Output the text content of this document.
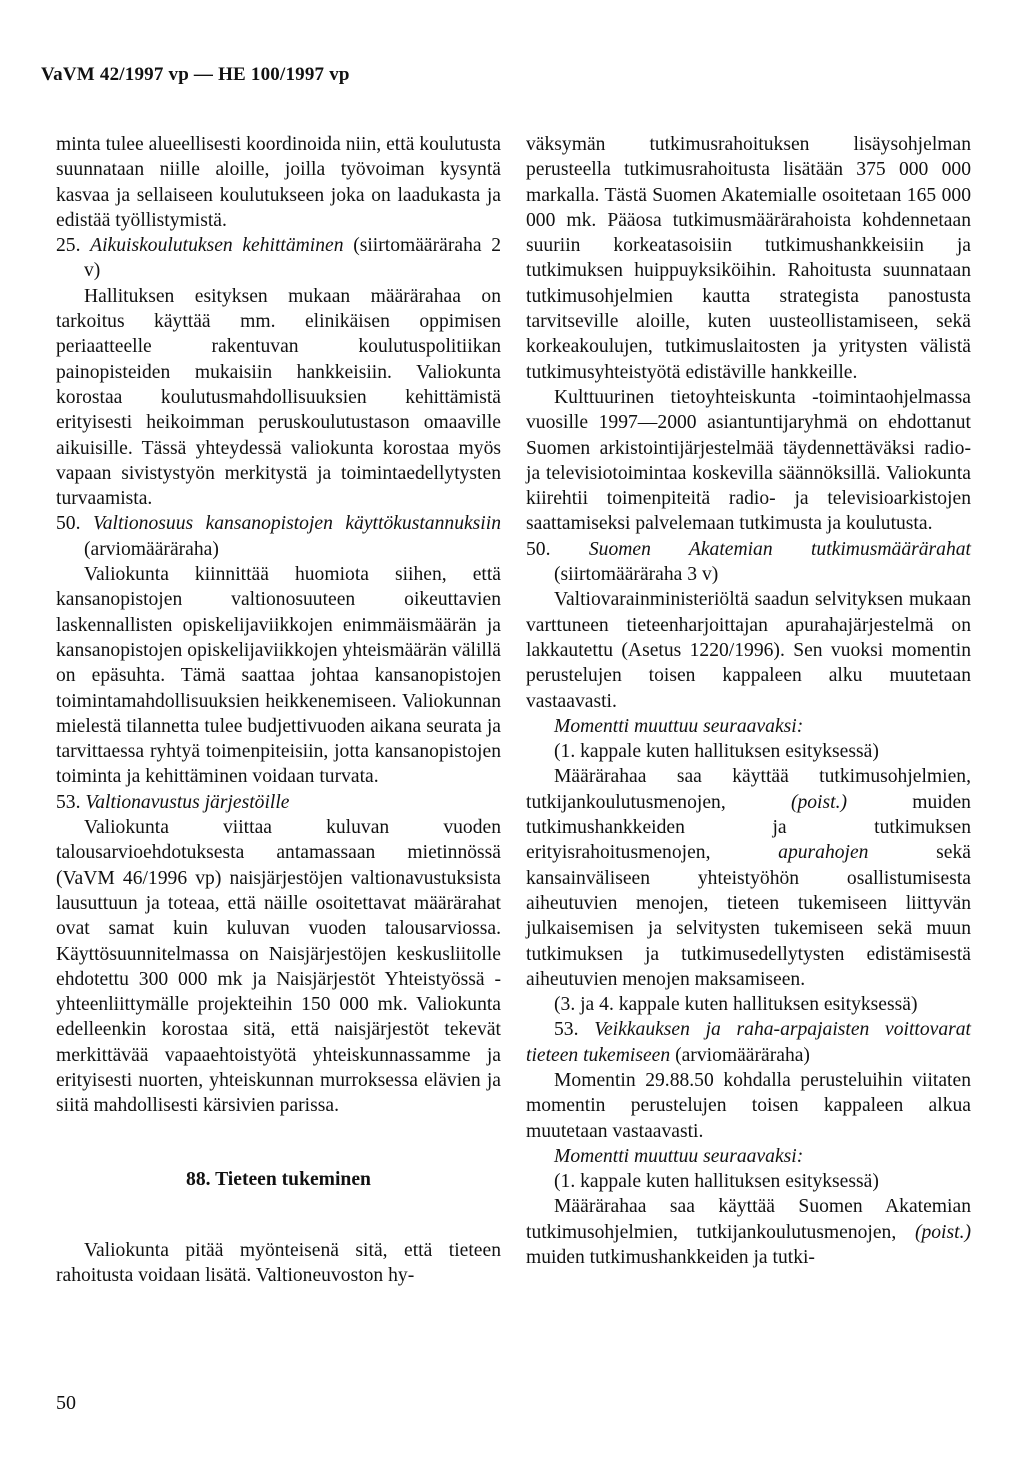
VaVM 42/1997 vp — HE 100/1997 vp

minta tulee alueellisesti koordinoida niin, että koulutusta suunnataan niille aloille, joilla työvoiman kysyntä kasvaa ja sellaiseen koulutukseen joka on laadukasta ja edistää työllistymistä.

25. Aikuiskoulutuksen kehittäminen (siirtomääräraha 2 v)

Hallituksen esityksen mukaan määrärahaa on tarkoitus käyttää mm. elinikäisen oppimisen periaatteelle rakentuvan koulutuspolitiikan painopisteiden mukaisiin hankkeisiin. Valiokunta korostaa koulutusmahdollisuuksien kehittämistä erityisesti heikoimman peruskoulutustason omaaville aikuisille. Tässä yhteydessä valiokunta korostaa myös vapaan sivistystyön merkitystä ja toimintaedellytysten turvaamista.

50. Valtionosuus kansanopistojen käyttökustannuksiin (arviomääräraha)

Valiokunta kiinnittää huomiota siihen, että kansanopistojen valtionosuuteen oikeuttavien laskennallisten opiskelijaviikkojen enimmäismäärän ja kansanopistojen opiskelijaviikkojen yhteismäärän välillä on epäsuhta. Tämä saattaa johtaa kansanopistojen toimintamahdollisuuksien heikkenemiseen. Valiokunnan mielestä tilannetta tulee budjettivuoden aikana seurata ja tarvittaessa ryhtyä toimenpiteisiin, jotta kansanopistojen toiminta ja kehittäminen voidaan turvata.

53. Valtionavustus järjestöille

Valiokunta viittaa kuluvan vuoden talousarvioehdotuksesta antamassaan mietinnössä (VaVM 46/1996 vp) naisjärjestöjen valtionavustuksista lausuttuun ja toteaa, että näille osoitettavat määrärahat ovat samat kuin kuluvan vuoden talousarviossa. Käyttösuunnitelmassa on Naisjärjestöjen keskusliitolle ehdotettu 300 000 mk ja Naisjärjestöt Yhteistyössä -yhteenliittymälle projekteihin 150 000 mk. Valiokunta edelleenkin korostaa sitä, että naisjärjestöt tekevät merkittävää vapaaehtoistyötä yhteiskunnassamme ja erityisesti nuorten, yhteiskunnan murroksessa elävien ja siitä mahdollisesti kärsivien parissa.

88. Tieteen tukeminen

Valiokunta pitää myönteisenä sitä, että tieteen rahoitusta voidaan lisätä. Valtioneuvoston hy-

väksymän tutkimusrahoituksen lisäysohjelman perusteella tutkimusrahoitusta lisätään 375 000 000 markalla. Tästä Suomen Akatemialle osoitetaan 165 000 000 mk. Pääosa tutkimusmäärärahoista kohdennetaan suuriin korkeatasoisiin tutkimushankkeisiin ja tutkimuksen huippuyksiköihin. Rahoitusta suunnataan tutkimusohjelmien kautta strategista panostusta tarvitseville aloille, kuten uusteollistamiseen, sekä korkeakoulujen, tutkimuslaitosten ja yritysten välistä tutkimusyhteistyötä edistäville hankkeille.

Kulttuurinen tietoyhteiskunta -toimintaohjelmassa vuosille 1997—2000 asiantuntijaryhmä on ehdottanut Suomen arkistointijärjestelmää täydennettäväksi radio- ja televisiotoimintaa koskevilla säännöksillä. Valiokunta kiirehtii toimenpiteitä radio- ja televisioarkistojen saattamiseksi palvelemaan tutkimusta ja koulutusta.

50. Suomen Akatemian tutkimusmäärärahat (siirtomääräraha 3 v)

Valtiovarainministeriöltä saadun selvityksen mukaan varttuneen tieteenharjoittajan apurahajärjestelmä on lakkautettu (Asetus 1220/1996). Sen vuoksi momentin perustelujen toisen kappaleen alku muutetaan vastaavasti.

Momentti muuttuu seuraavaksi:

(1. kappale kuten hallituksen esityksessä)

Määrärahaa saa käyttää tutkimusohjelmien, tutkijankoulutusmenojen,	(poist.)	muiden tutkimushankkeiden ja tutkimuksen erityisrahoitusmenojen,	apurahojen	sekä kansainväliseen yhteistyöhön osallistumisesta aiheutuvien menojen, tieteen tukemiseen liittyvän julkaisemisen ja selvitysten tukemiseen sekä muun tutkimuksen ja tutkimusedellytysten edistämisestä aiheutuvien menojen maksamiseen.

(3. ja 4. kappale kuten hallituksen esityksessä)

53. Veikkauksen ja raha-arpajaisten voittovarat tieteen tukemiseen (arviomääräraha)

Momentin 29.88.50 kohdalla perusteluihin viitaten momentin perustelujen toisen kappaleen alkua muutetaan vastaavasti.

Momentti muuttuu seuraavaksi:

(1. kappale kuten hallituksen esityksessä)

Määrärahaa saa käyttää Suomen Akatemian tutkimusohjelmien, tutkijankoulutusmenojen, (poist.) muiden tutkimushankkeiden ja tutki-

50
